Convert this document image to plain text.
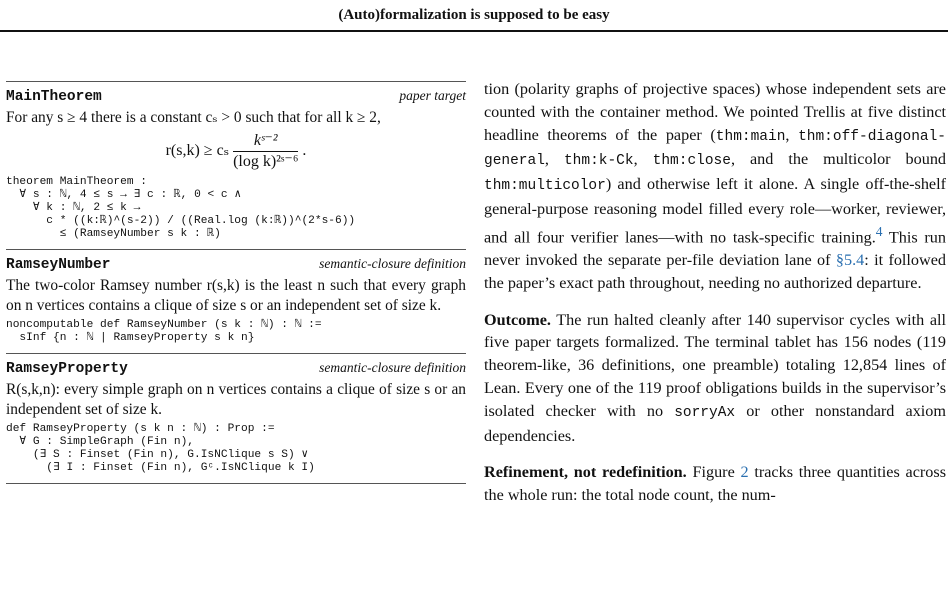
(Auto)formalization is supposed to be easy
MainTheorem	paper target
For any s ≥ 4 there is a constant cₛ > 0 such that for all k ≥ 2,
r(s,k) ≥ cₛ $\frac{\text{kˢ⁻²}}{\text{(log k)²ˢ⁻⁶}}$ .
theorem MainTheorem :
∀ s : ℕ, 4 ≤ s → ∃ c : ℝ, 0 < c ∧
∀ k : ℕ, 2 ≤ k →
c * ((k:ℝ)^(s-2)) / ((Real.log (k:ℝ))^(2*s-6))
≤ (RamseyNumber s k : ℝ)
RamseyNumber	semantic-closure definition
The two-color Ramsey number r(s,k) is the least n such that every graph on n vertices contains a clique of size s or an independent set of size k.
noncomputable def RamseyNumber (s k : ℕ) : ℕ :=
sInf {n : ℕ | RamseyProperty s k n}
RamseyProperty	semantic-closure definition
R(s,k,n): every simple graph on n vertices contains a clique of size s or an independent set of size k.
def RamseyProperty (s k n : ℕ) : Prop :=
∀ G : SimpleGraph (Fin n),
(∃ S : Finset (Fin n), G.IsNClique s S) ∨
(∃ I : Finset (Fin n), Gᶜ.IsNClique k I)

tion (polarity graphs of projective spaces) whose independent sets are counted with the container method. We pointed Trellis at five distinct headline theorems of the paper (thm:main, thm:off-diagonal-general, thm:k-Ck, thm:close, and the multicolor bound thm:multicolor) and otherwise left it alone. A single off-the-shelf general-purpose reasoning model filled every role—worker, reviewer, and all four verifier lanes—with no task-specific training.$^4$ This run never invoked the separate per-file deviation lane of §5.4: it followed the paper’s exact path throughout, needing no authorized departure.

Outcome. The run halted cleanly after 140 supervisor cycles with all five paper targets formalized. The terminal tablet has 156 nodes (119 theorem-like, 36 definitions, one preamble) totaling 12,854 lines of Lean. Every one of the 119 proof obligations builds in the supervisor’s isolated checker with no sorryAx or other nonstandard axiom dependencies.

Refinement, not redefinition. Figure 2 tracks three quantities across the whole run: the total node count, the num-
